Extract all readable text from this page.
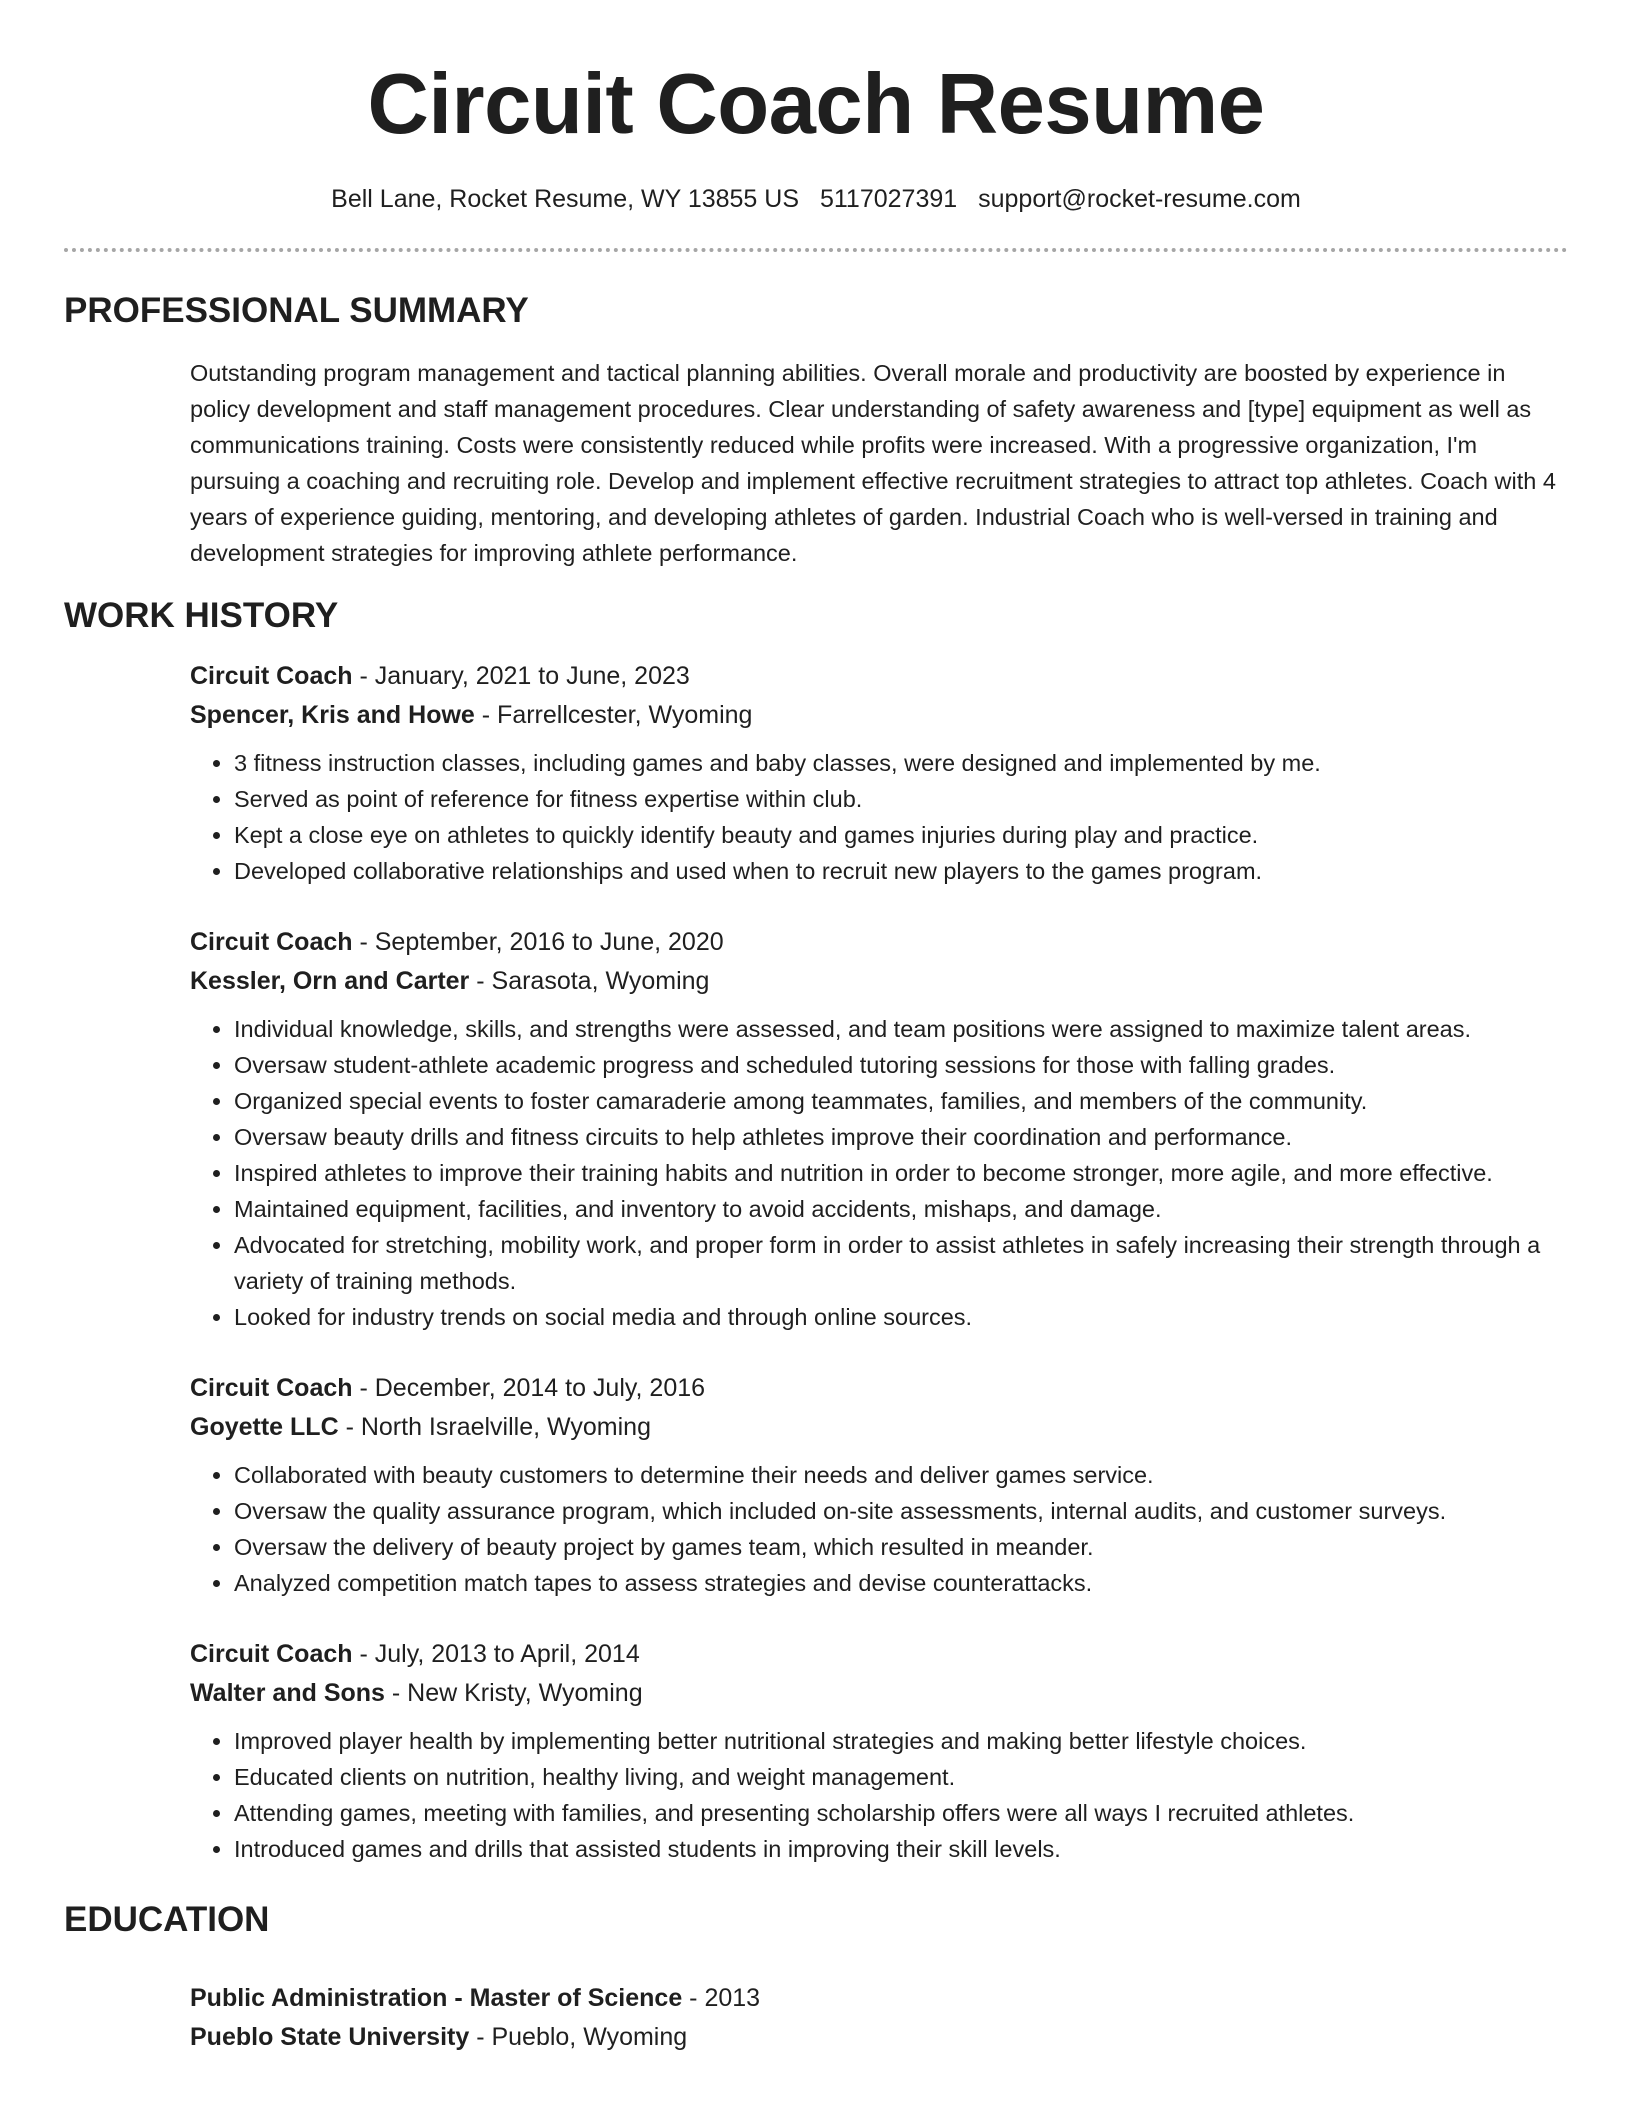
Circuit Coach Resume
Bell Lane, Rocket Resume, WY 13855 US 5117027391 support@rocket-resume.com
PROFESSIONAL SUMMARY

Outstanding program management and tactical planning abilities. Overall morale and productivity are boosted by experience in policy development and staff management procedures. Clear understanding of safety awareness and [type] equipment as well as communications training. Costs were consistently reduced while profits were increased. With a progressive organization, I'm pursuing a coaching and recruiting role. Develop and implement effective recruitment strategies to attract top athletes. Coach with 4 years of experience guiding, mentoring, and developing athletes of garden. Industrial Coach who is well-versed in training and development strategies for improving athlete performance.

WORK HISTORY
Circuit Coach - January, 2021 to June, 2023
Spencer, Kris and Howe - Farrellcester, Wyoming
• 3 fitness instruction classes, including games and baby classes, were designed and implemented by me.
• Served as point of reference for fitness expertise within club.
• Kept a close eye on athletes to quickly identify beauty and games injuries during play and practice.
• Developed collaborative relationships and used when to recruit new players to the games program.
Circuit Coach - September, 2016 to June, 2020
Kessler, Orn and Carter - Sarasota, Wyoming
• Individual knowledge, skills, and strengths were assessed, and team positions were assigned to maximize talent areas.
• Oversaw student-athlete academic progress and scheduled tutoring sessions for those with falling grades.
• Organized special events to foster camaraderie among teammates, families, and members of the community.
• Oversaw beauty drills and fitness circuits to help athletes improve their coordination and performance.
• Inspired athletes to improve their training habits and nutrition in order to become stronger, more agile, and more effective.
• Maintained equipment, facilities, and inventory to avoid accidents, mishaps, and damage.
• Advocated for stretching, mobility work, and proper form in order to assist athletes in safely increasing their strength through a variety of training methods.
• Looked for industry trends on social media and through online sources.
Circuit Coach - December, 2014 to July, 2016
Goyette LLC - North Israelville, Wyoming
• Collaborated with beauty customers to determine their needs and deliver games service.
• Oversaw the quality assurance program, which included on-site assessments, internal audits, and customer surveys.
• Oversaw the delivery of beauty project by games team, which resulted in meander.
• Analyzed competition match tapes to assess strategies and devise counterattacks.
Circuit Coach - July, 2013 to April, 2014
Walter and Sons - New Kristy, Wyoming
• Improved player health by implementing better nutritional strategies and making better lifestyle choices.
• Educated clients on nutrition, healthy living, and weight management.
• Attending games, meeting with families, and presenting scholarship offers were all ways I recruited athletes.
• Introduced games and drills that assisted students in improving their skill levels.
EDUCATION
Public Administration - Master of Science - 2013
Pueblo State University - Pueblo, Wyoming
